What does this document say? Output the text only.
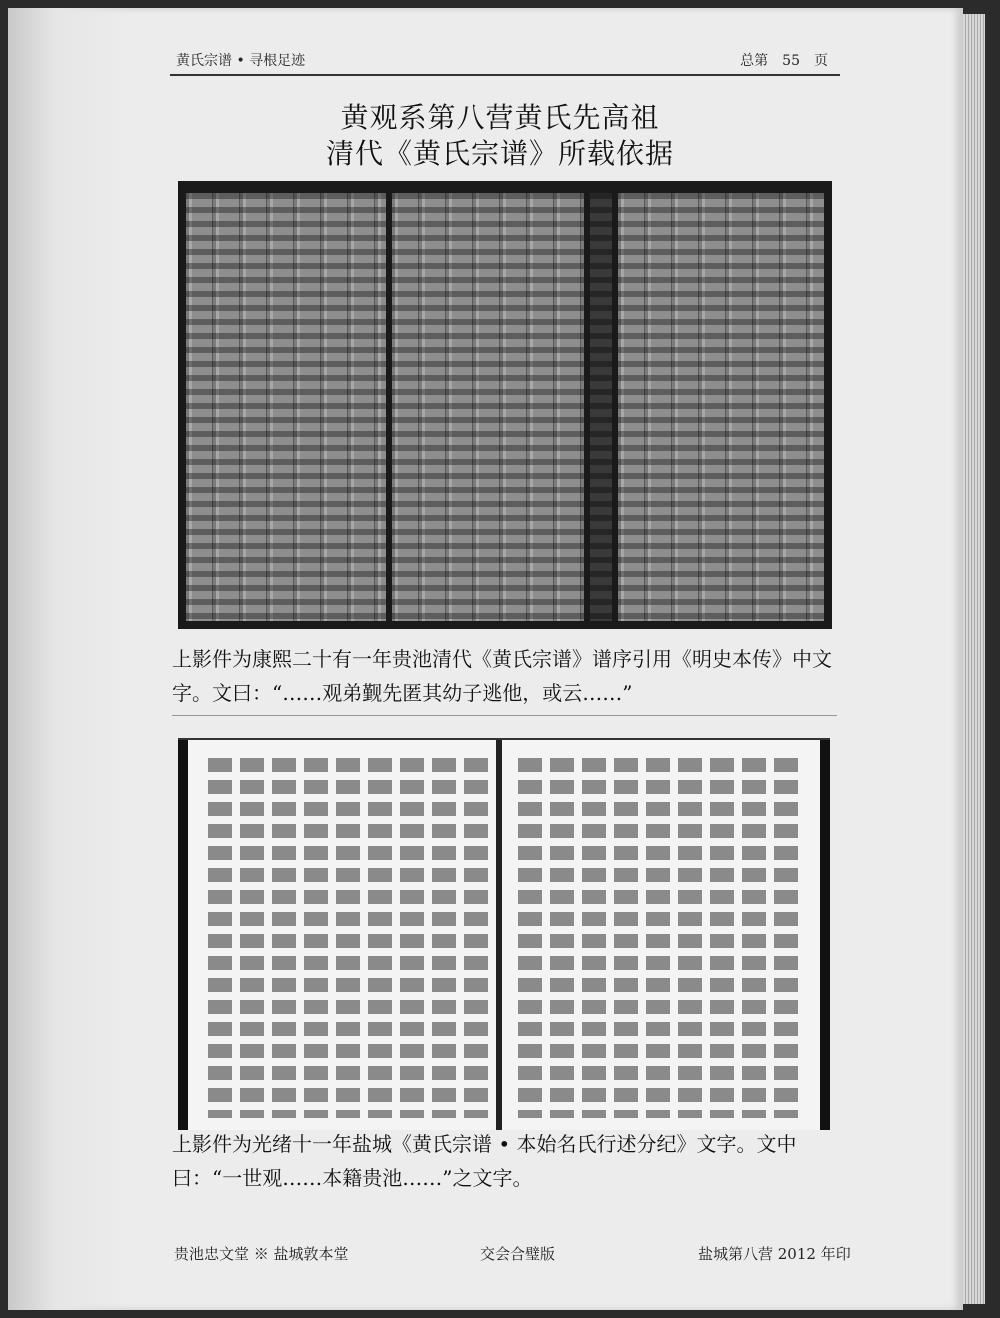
黄氏宗谱 • 寻根足迹	总第 55 页
黄观系第八营黄氏先高祖
清代《黄氏宗谱》所载依据
上影件为康熙二十有一年贵池清代《黄氏宗谱》谱序引用《明史本传》中文字。文曰：“……观弟觐先匿其幼子逃他，或云……”
上影件为光绪十一年盐城《黄氏宗谱 • 本始名氏行述分纪》文字。文中曰：“一世观……本籍贵池……”之文字。
贵池忠文堂 ※ 盐城敦本堂	交会合璧版	盐城第八营 2012 年印
